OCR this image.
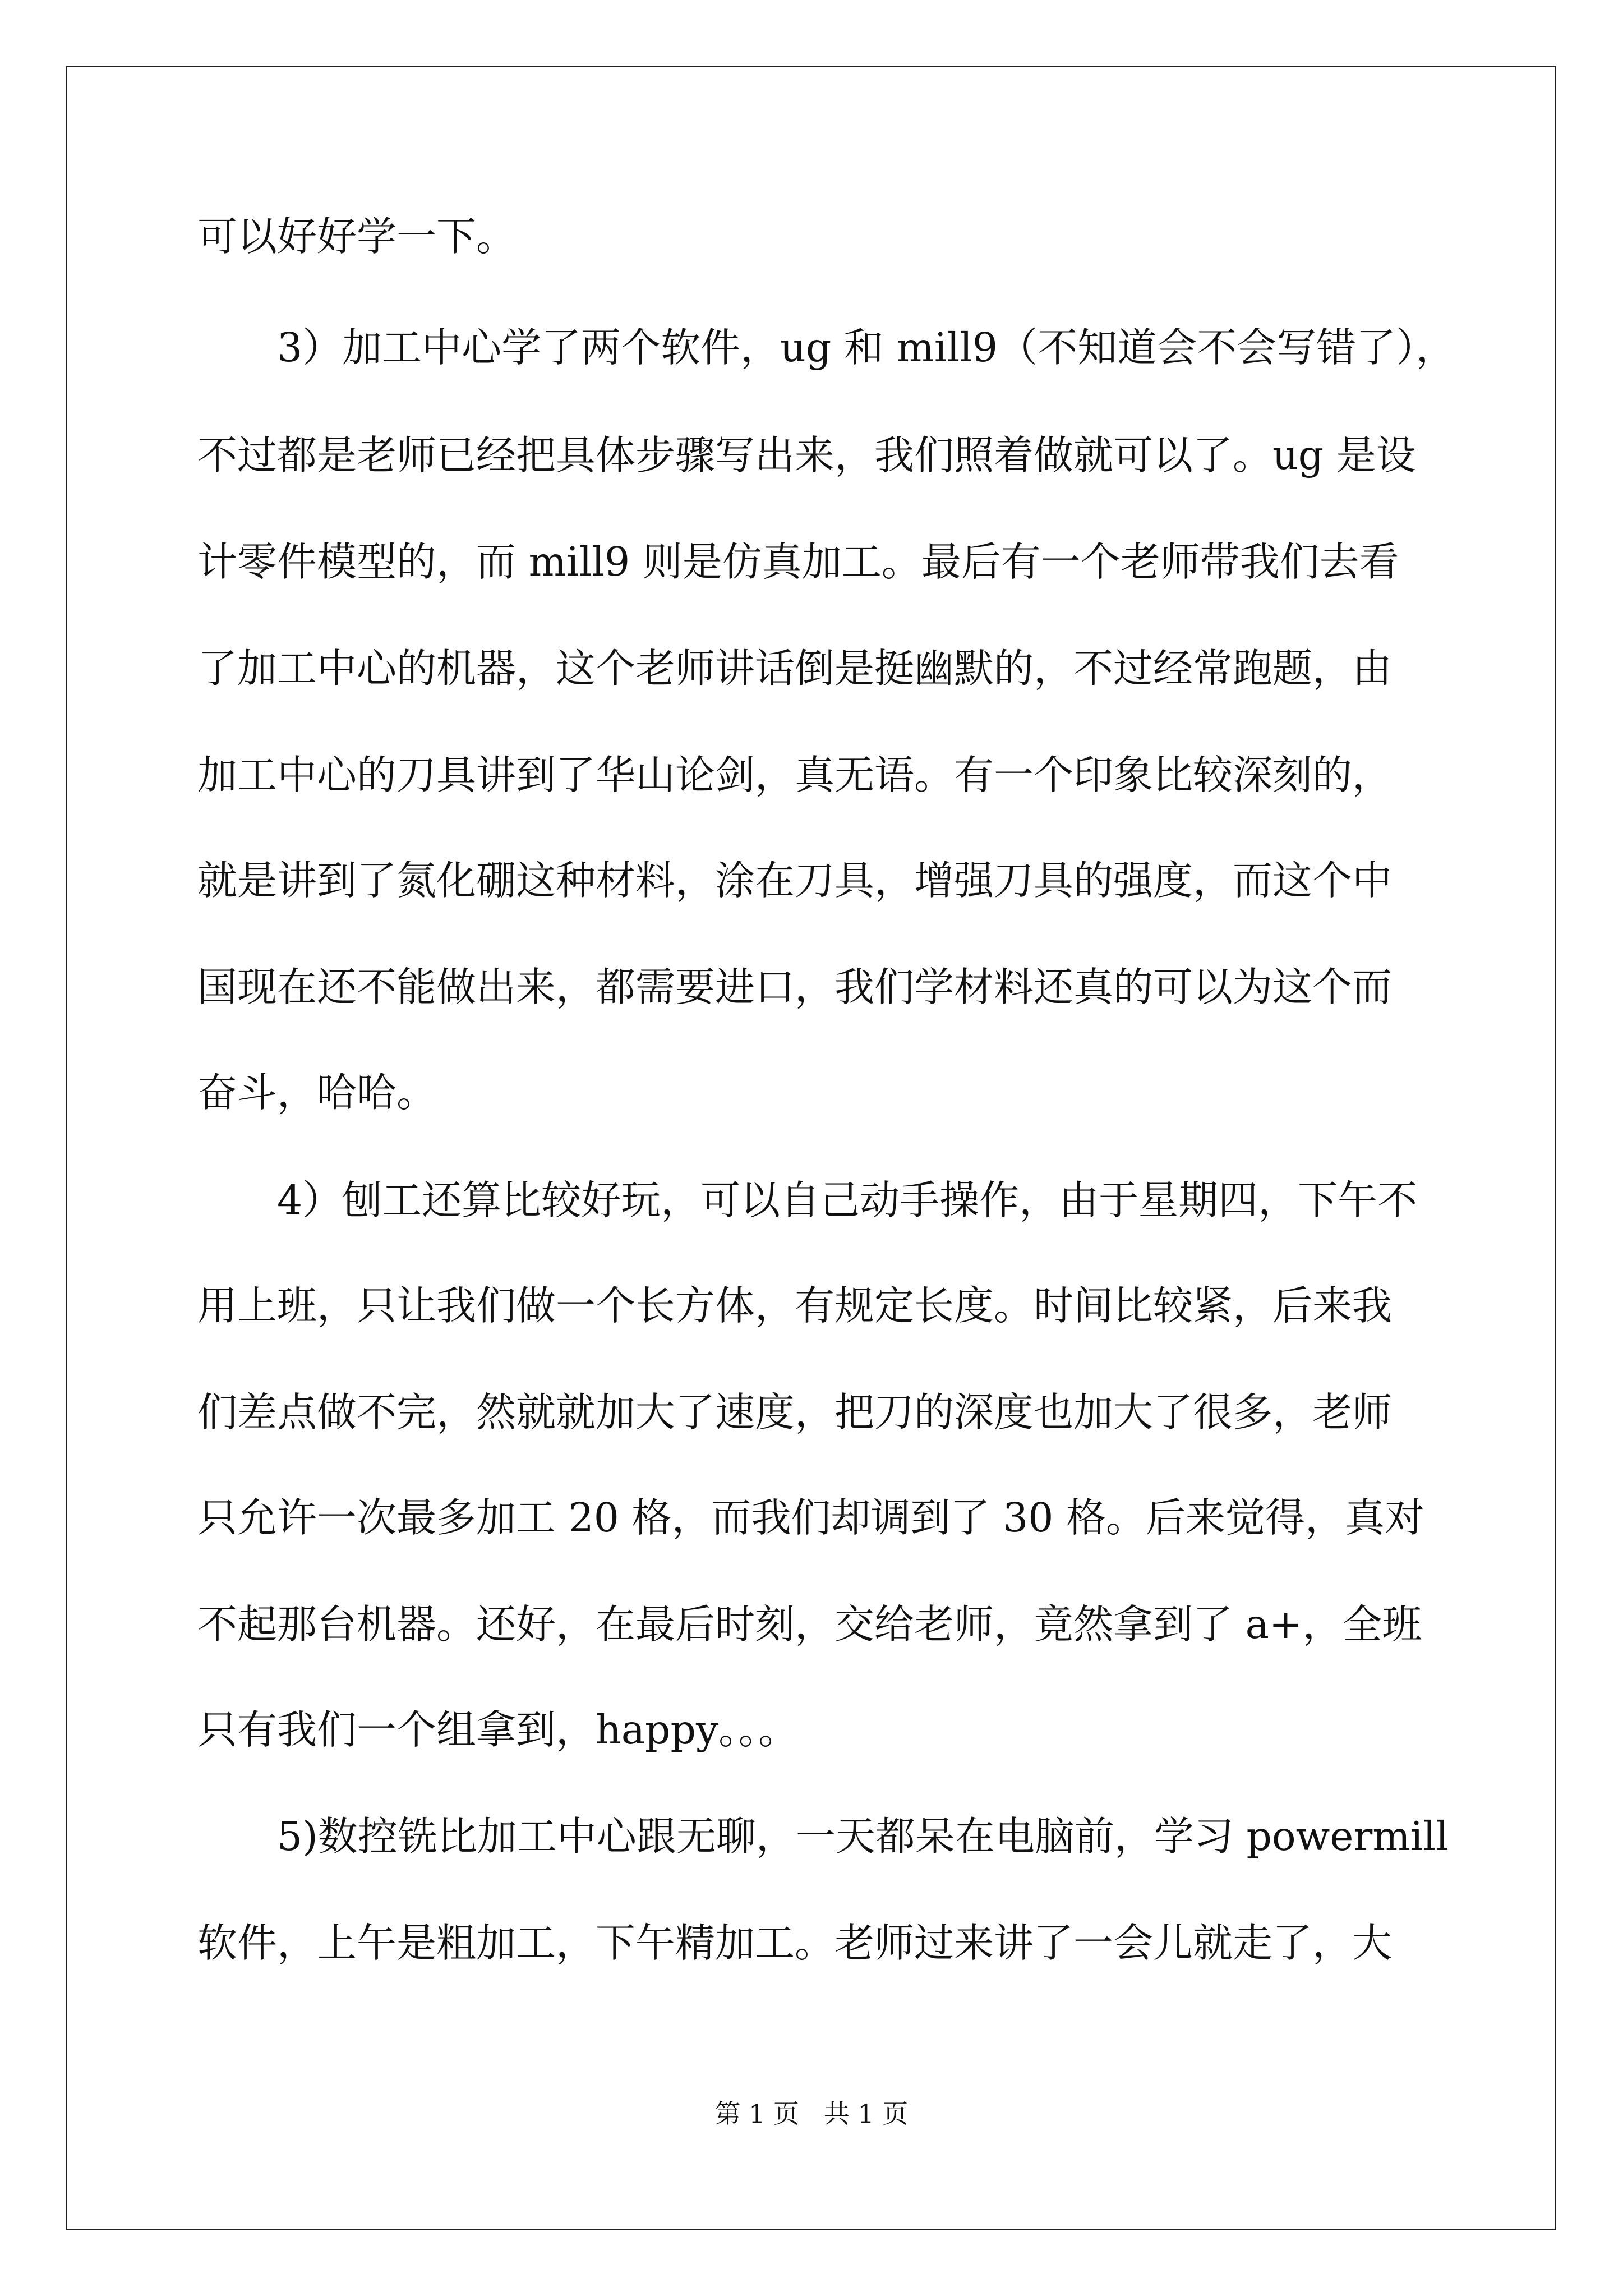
可以好好学一下。
3）加工中心学了两个软件，ug 和 mill9（不知道会不会写错了），
不过都是老师已经把具体步骤写出来，我们照着做就可以了。ug 是设
计零件模型的，而 mill9 则是仿真加工。最后有一个老师带我们去看
了加工中心的机器，这个老师讲话倒是挺幽默的，不过经常跑题，由
加工中心的刀具讲到了华山论剑，真无语。有一个印象比较深刻的，
就是讲到了氮化硼这种材料，涂在刀具，增强刀具的强度，而这个中
国现在还不能做出来，都需要进口，我们学材料还真的可以为这个而
奋斗，哈哈。
4）刨工还算比较好玩，可以自己动手操作，由于星期四，下午不
用上班，只让我们做一个长方体，有规定长度。时间比较紧，后来我
们差点做不完，然就就加大了速度，把刀的深度也加大了很多，老师
只允许一次最多加工 20 格，而我们却调到了 30 格。后来觉得，真对
不起那台机器。还好，在最后时刻，交给老师，竟然拿到了 a+，全班
只有我们一个组拿到，happy。。。
5)数控铣比加工中心跟无聊，一天都呆在电脑前，学习 powermill
软件，上午是粗加工，下午精加工。老师过来讲了一会儿就走了，大
第 1 页   共 1 页
